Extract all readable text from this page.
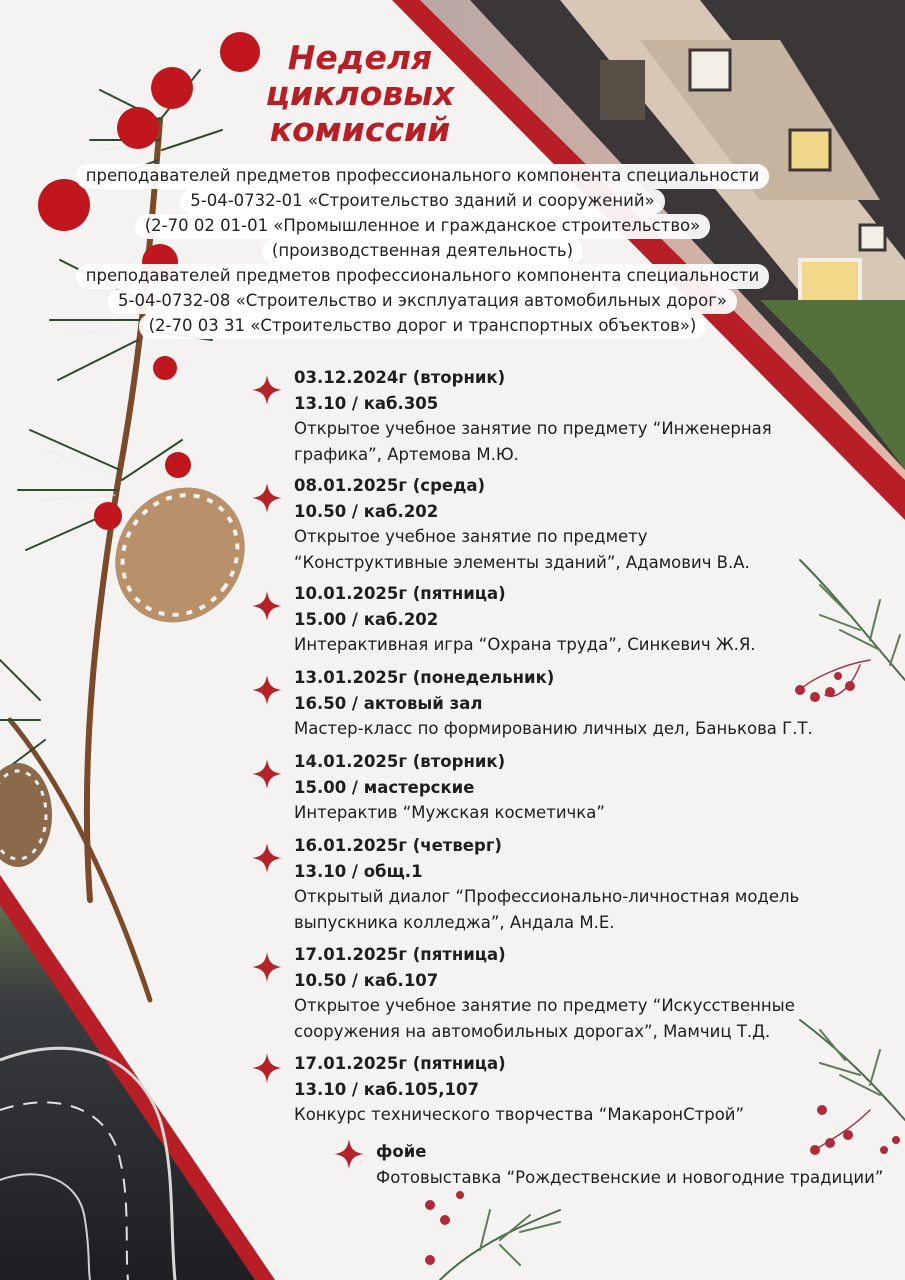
Неделя
цикловых
комиссий
преподавателей предметов профессионального компонента специальности
5-04-0732-01 «Строительство зданий и сооружений»
(2-70 02 01-01 «Промышленное и гражданское строительство»
(производственная деятельность)
преподавателей предметов профессионального компонента специальности
5-04-0732-08 «Строительство и эксплуатация автомобильных дорог»
(2-70 03 31 «Строительство дорог и транспортных объектов»)
03.12.2024г (вторник)
13.10 / каб.305
Открытое учебное занятие по предмету “Инженерная
графика”, Артемова М.Ю.
08.01.2025г (среда)
10.50 / каб.202
Открытое учебное занятие по предмету
“Конструктивные элементы зданий”, Адамович В.А.
10.01.2025г (пятница)
15.00 / каб.202
Интерактивная игра “Охрана труда”, Синкевич Ж.Я.
13.01.2025г (понедельник)
16.50 / актовый зал
Мастер-класс по формированию личных дел, Банькова Г.Т.
14.01.2025г (вторник)
15.00 / мастерские
Интерактив “Мужская косметичка”
16.01.2025г (четверг)
13.10 / общ.1
Открытый диалог “Профессионально-личностная модель
выпускника колледжа”, Андала М.Е.
17.01.2025г (пятница)
10.50 / каб.107
Открытое учебное занятие по предмету “Искусственные
сооружения на автомобильных дорогах”, Мамчиц Т.Д.
17.01.2025г (пятница)
13.10 / каб.105,107
Конкурс технического творчества “МакаронСтрой”
фойе
Фотовыставка “Рождественские и новогодние традиции”
